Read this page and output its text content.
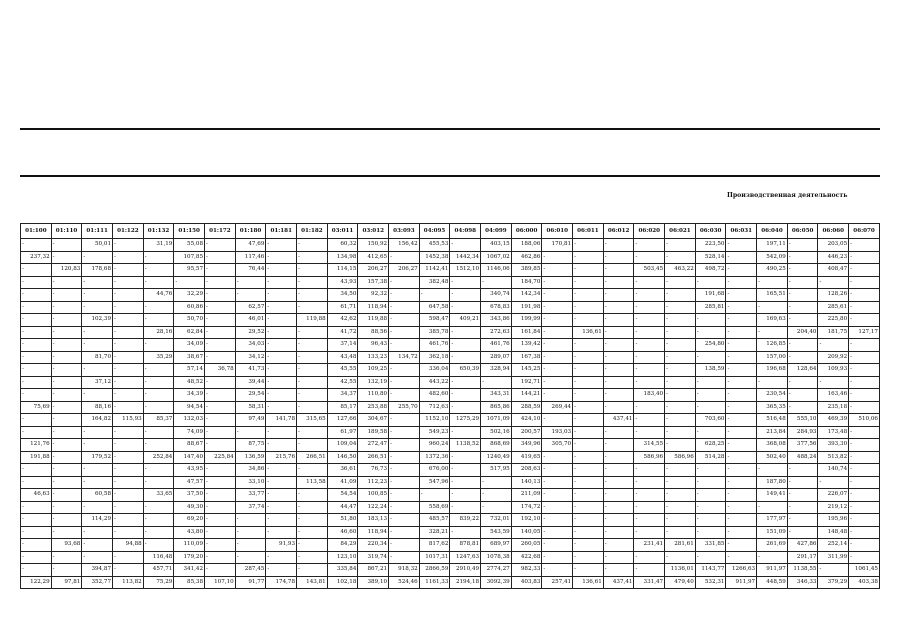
Производственная деятельность
01:100	01:110	01:111	01:122	01:132	01:150	01:172	01:180	01:181	01:182	03:011	03:012	03:093	04:095	04:098	04:099	06:000	06:010	06:011	06:012	06:020	06:021	06:030	06:031	06:040	06:050	06:060	06:070
-	-	50,01	-	31,19	55,08	-	47,69	-	-	60,32	150,92	156,42	455,53	-	403,15	188,06	170,81	-	-	-	-	223,50	-	197,11	-	203,05	-
237,32	-	-	-	-	107,85	-	117,46	-	-	134,98	412,65	-	1452,38	1442,34	1067,02	462,86	-	-	-	-	-	528,14	-	542,09	-	446,23	-
-	120,83	178,68	-	-	95,57	-	76,44	-	-	114,15	206,27	206,27	1142,41	1512,10	1146,06	389,85	-	-	-	503,45	463,22	498,72	-	490,25	-	408,47	-
-	-	-	-	-	-	-	-	-	-	43,93	157,38	-	382,48	-	-	184,70	-	-	-	-	-	-	-	-	-	-	-
-	-	-	-	44,76	32,29	-	-	-	-	34,50	92,32	-	-	-	340,74	142,34	-	-	-	-	-	191,68	-	165,51	-	128,26	-
-	-	-	-	-	60,86	-	62,57	-	-	61,71	118,94	-	647,58	-	678,83	191,98	-	-	-	-	-	285,81	-	-	-	285,61	-
-	-	102,39	-	-	50,70	-	46,01	-	119,88	42,62	119,88	-	598,47	409,21	343,86	199,99	-	-	-	-	-	-	-	169,63	-	225,80	-
-	-	-	-	28,16	62,84	-	29,52	-	-	41,72	88,56	-	385,78	-	272,63	161,84	-	136,61	-	-	-	-	-	-	204,40	181,75	127,17
-	-	-	-	-	34,09	-	34,03	-	-	37,14	96,43	-	461,76	-	461,76	139,42	-	-	-	-	-	254,80	-	126,85	-	-	-
-	-	81,70	-	35,29	38,67	-	34,12	-	-	43,48	133,23	134,72	362,18	-	289,07	167,38	-	-	-	-	-	-	-	157,00	-	209,92	-
-	-	-	-	-	57,14	36,78	41,73	-	-	45,55	109,25	-	336,04	650,39	328,94	145,25	-	-	-	-	-	138,59	-	196,68	128,64	109,93	-
-	-	37,12	-	-	48,52	-	39,44	-	-	42,55	132,19	-	443,22	-	-	192,71	-	-	-	-	-	-	-	-	-	-	-
-	-	-	-	-	34,39	-	29,54	-	-	34,37	110,80	-	482,60	-	343,31	144,21	-	-	-	183,40	-	-	-	230,54	-	163,46	-
75,69	-	88,16	-	-	94,54	-	58,31	-	-	85,17	253,88	255,70	712,63	-	865,86	288,59	269,44	-	-	-	-	-	-	365,35	-	235,18	-
-	-	164,82	115,93	85,37	132,03	-	97,49	141,78	315,65	127,66	304,67	-	1152,10	1275,29	1071,09	424,10	-	-	437,41	-	-	703,60	-	516,48	555,10	469,39	510,06
-	-	-	-	-	74,09	-	-	-	-	61,97	189,58	-	549,23	-	502,16	200,57	193,03	-	-	-	-	-	-	213,84	284,93	173,48	-
121,76	-	-	-	-	88,67	-	87,75	-	-	109,04	272,47	-	960,24	1138,52	868,69	349,96	305,70	-	-	314,55	-	628,25	-	368,08	377,56	393,30	-
191,88	-	179,52	-	252,84	147,40	225,84	136,59	215,76	266,51	146,50	266,51	-	1372,36	-	1240,49	419,65	-	-	-	586,96	586,96	514,28	-	502,40	488,24	513,82	-
-	-	-	-	-	43,95	-	34,86	-	-	36,61	76,73	-	676,00	-	517,95	208,63	-	-	-	-	-	-	-	-	-	140,74	-
-	-	-	-	-	47,57	-	33,10	-	113,58	41,09	112,23	-	547,96	-	-	140,13	-	-	-	-	-	-	-	187,80	-	-	-
46,63	-	60,58	-	33,65	37,50	-	33,77	-	-	54,54	100,85	-	-	-	-	211,09	-	-	-	-	-	-	-	149,41	-	226,07	-
-	-	-	-	-	49,30	-	37,74	-	-	44,47	122,24	-	558,69	-	-	174,72	-	-	-	-	-	-	-	-	-	219,12	-
-	-	114,29	-	-	69,20	-	-	-	-	51,80	183,13	-	485,57	839,22	732,01	192,10	-	-	-	-	-	-	-	177,97	-	195,96	-
-	-	-	-	-	43,80	-	-	-	-	46,60	118,94	-	328,21	-	543,59	140,05	-	-	-	-	-	-	-	151,09	-	148,48	-
-	93,68	-	94,88	-	110,09	-	-	91,93	-	84,29	220,34	-	817,62	878,81	689,97	260,05	-	-	-	231,41	281,61	331,85	-	261,69	427,86	252,14	-
-	-	-	-	116,48	179,20	-	-	-	-	123,10	319,74	-	1017,31	1247,63	1078,38	422,68	-	-	-	-	-	-	-	-	291,17	311,99	-
-	-	394,87	-	457,71	341,42	-	287,45	-	-	335,84	867,21	918,32	2866,59	2910,49	2774,27	982,33	-	-	-	-	1136,01	1143,77	1266,63	911,97	1138,55	-	1061,45
122,29	97,81	352,77	113,82	75,29	85,38	107,10	91,77	174,78	143,81	102,18	389,10	524,46	1161,33	2194,18	3092,39	403,83	257,41	136,61	437,41	331,47	479,40	532,31	911,97	448,59	346,33	379,29	403,38
